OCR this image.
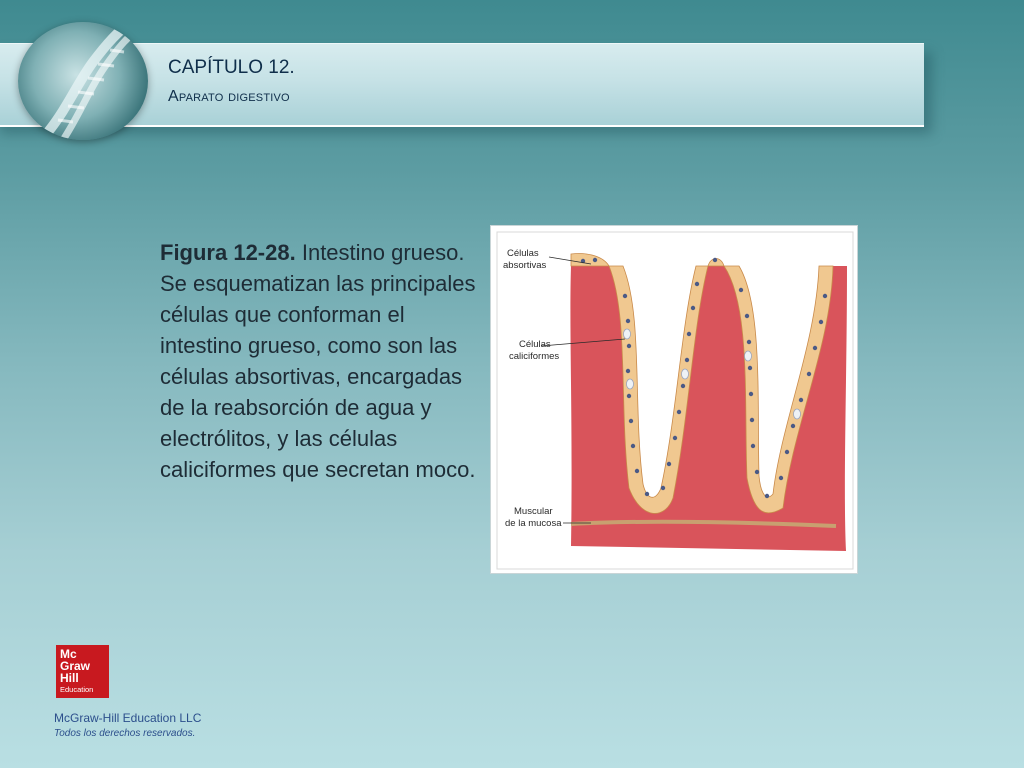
CAPÍTULO 12.
Aparato digestivo
Figura 12-28. Intestino grueso. Se esquematizan las principales células que conforman el intestino grueso, como son las células absortivas, encargadas de la reabsorción de agua y electrólitos, y las células caliciformes que secretan moco.
Células
absortivas
Células
caliciformes
Muscular
de la mucosa
Mc
Graw
Hill
Education
McGraw-Hill Education LLC
Todos los derechos reservados.
